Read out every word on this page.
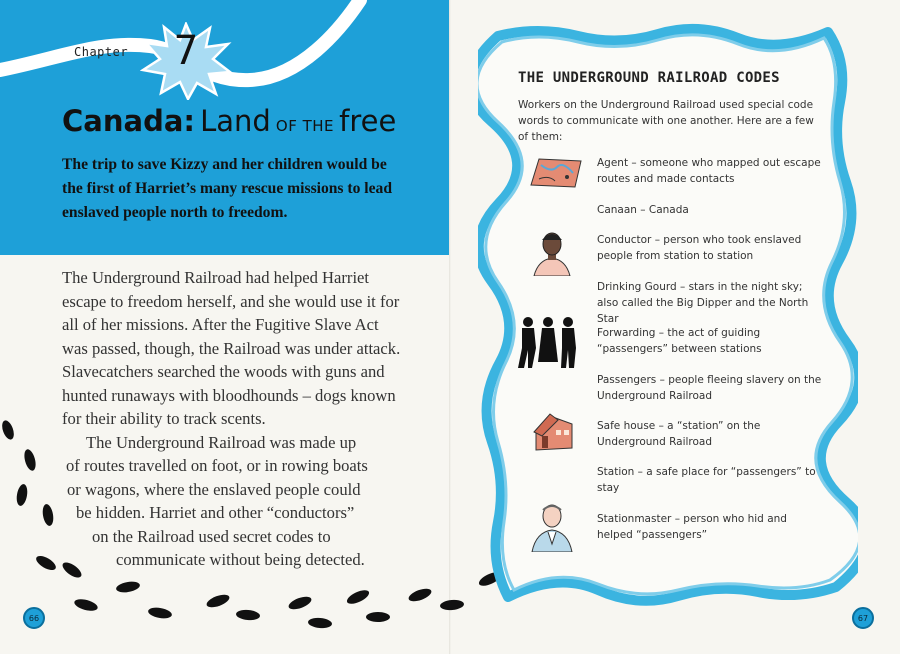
Chapter	7
Canada: Land OF THE free
The trip to save Kizzy and her children would be the first of Harriet’s many rescue missions to lead enslaved people north to freedom.

The Underground Railroad had helped Harriet escape to freedom herself, and she would use it for all of her missions. After the Fugitive Slave Act was passed, though, the Railroad was under attack. Slavecatchers searched the woods with guns and hunted runaways with bloodhounds – dogs known for their ability to track scents.

The Underground Railroad was made up
of routes travelled on foot, or in rowing boats
or wagons, where the enslaved people could
be hidden. Harriet and other “conductors”
on the Railroad used secret codes to
communicate without being detected.
66
THE UNDERGROUND RAILROAD CODES
Workers on the Underground Railroad used special code words to communicate with one another. Here are a few of them:
Agent – someone who mapped out escape routes and made contacts
Canaan – Canada
Conductor – person who took enslaved people from station to station
Drinking Gourd – stars in the night sky; also called the Big Dipper and the North Star
Forwarding – the act of guiding “passengers” between stations
Passengers – people fleeing slavery on the Underground Railroad
Safe house – a “station” on the Underground Railroad
Station – a safe place for “passengers” to stay
Stationmaster – person who hid and helped “passengers”
67
